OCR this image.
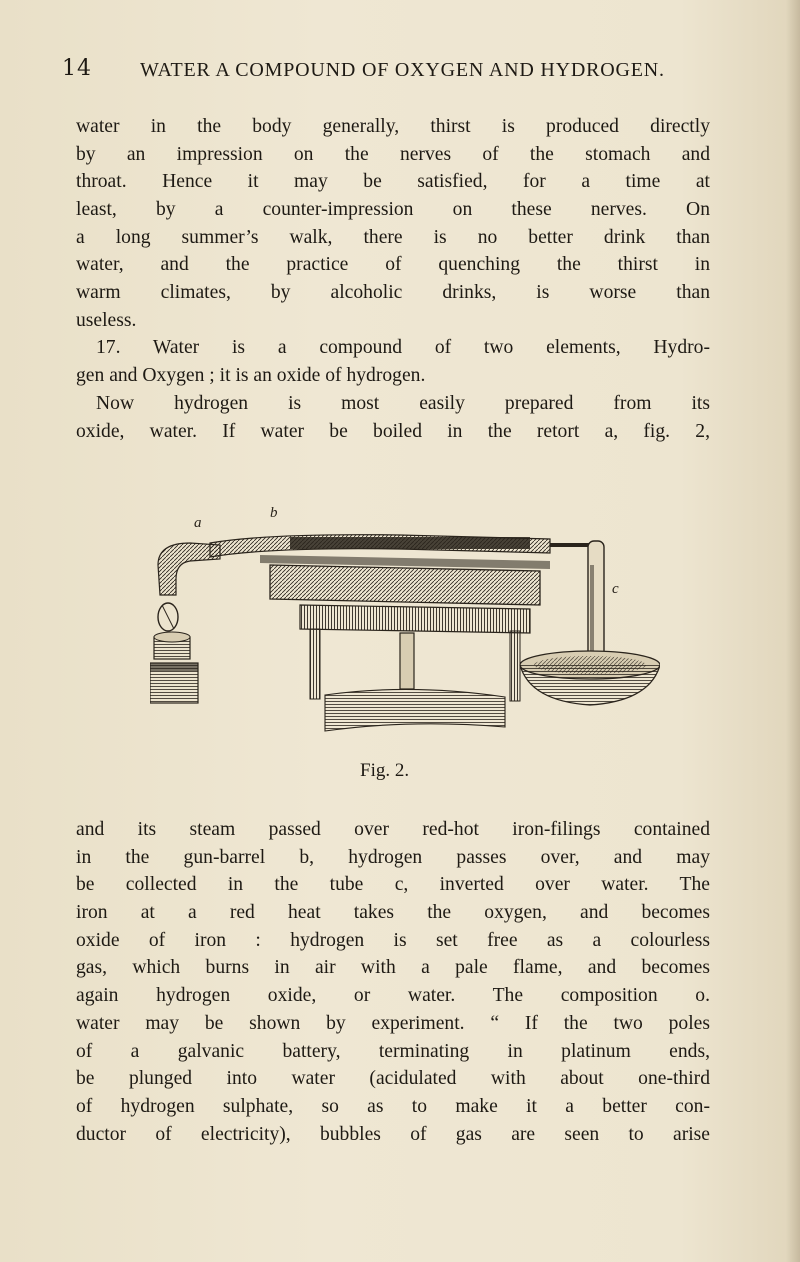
14 WATER A COMPOUND OF OXYGEN AND HYDROGEN.

water in the body generally, thirst is produced directly
by an impression on the nerves of the stomach and
throat. Hence it may be satisfied, for a time at
least, by a counter-impression on these nerves. On
a long summer’s walk, there is no better drink than
water, and the practice of quenching the thirst in
warm climates, by alcoholic drinks, is worse than
useless.

17. Water is a compound of two elements, Hydro-
gen and Oxygen ; it is an oxide of hydrogen.

Now hydrogen is most easily prepared from its
oxide, water. If water be boiled in the retort a, fig. 2,

a
b
c
Fig. 2.

and its steam passed over red-hot iron-filings contained
in the gun-barrel b, hydrogen passes over, and may
be collected in the tube c, inverted over water. The
iron at a red heat takes the oxygen, and becomes
oxide of iron : hydrogen is set free as a colourless
gas, which burns in air with a pale flame, and becomes
again hydrogen oxide, or water. The composition o.
water may be shown by experiment. “ If the two poles
of a galvanic battery, terminating in platinum ends,
be plunged into water (acidulated with about one-third
of hydrogen sulphate, so as to make it a better con-
ductor of electricity), bubbles of gas are seen to arise
